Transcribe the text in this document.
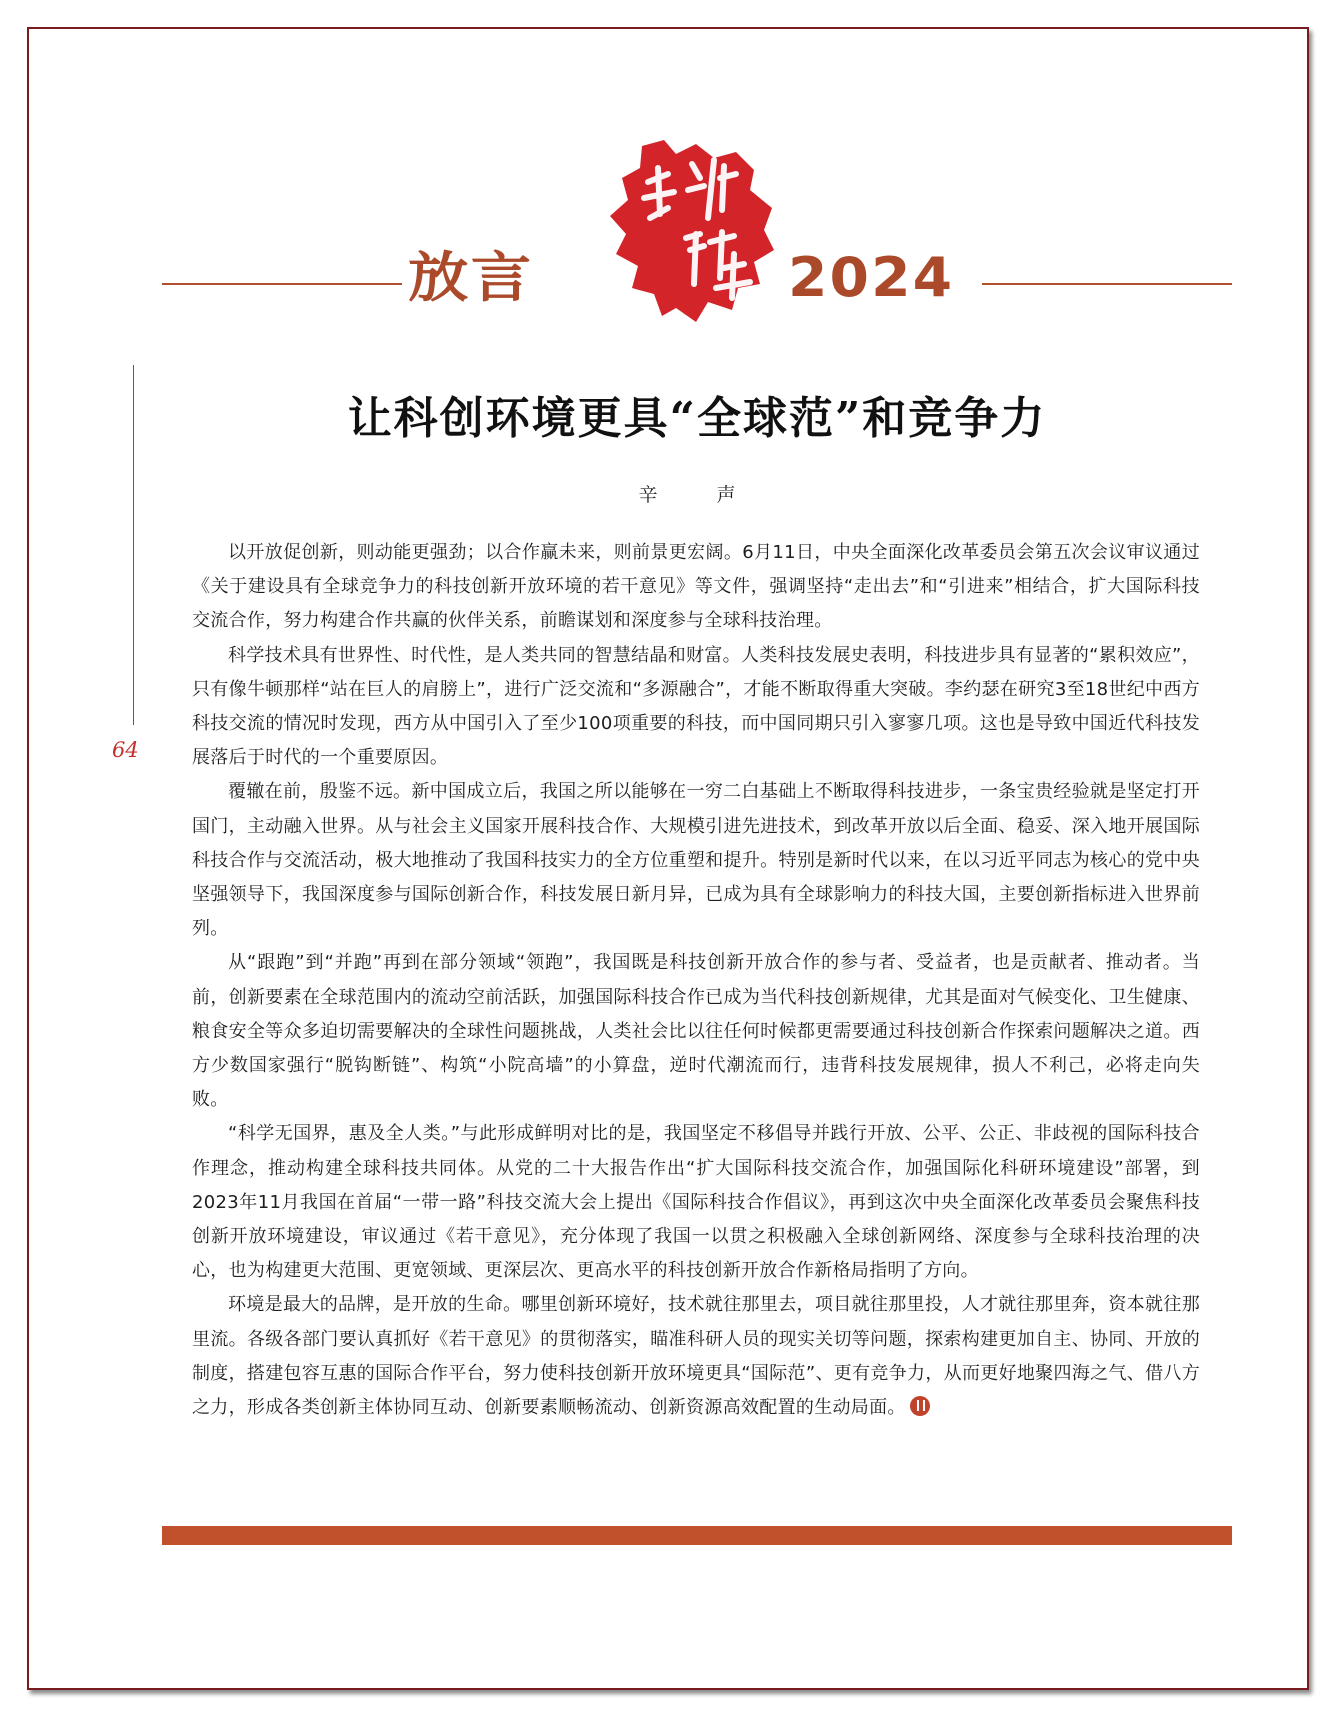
放言	2024
64
让科创环境更具“全球范”和竞争力
辛　声

以开放促创新，则动能更强劲；以合作赢未来，则前景更宏阔。6月11日，中央全面深化改革委员会第五次会议审议通过《关于建设具有全球竞争力的科技创新开放环境的若干意见》等文件，强调坚持“走出去”和“引进来”相结合，扩大国际科技交流合作，努力构建合作共赢的伙伴关系，前瞻谋划和深度参与全球科技治理。

科学技术具有世界性、时代性，是人类共同的智慧结晶和财富。人类科技发展史表明，科技进步具有显著的“累积效应”，只有像牛顿那样“站在巨人的肩膀上”，进行广泛交流和“多源融合”，才能不断取得重大突破。李约瑟在研究3至18世纪中西方科技交流的情况时发现，西方从中国引入了至少100项重要的科技，而中国同期只引入寥寥几项。这也是导致中国近代科技发展落后于时代的一个重要原因。

覆辙在前，殷鉴不远。新中国成立后，我国之所以能够在一穷二白基础上不断取得科技进步，一条宝贵经验就是坚定打开国门，主动融入世界。从与社会主义国家开展科技合作、大规模引进先进技术，到改革开放以后全面、稳妥、深入地开展国际科技合作与交流活动，极大地推动了我国科技实力的全方位重塑和提升。特别是新时代以来，在以习近平同志为核心的党中央坚强领导下，我国深度参与国际创新合作，科技发展日新月异，已成为具有全球影响力的科技大国，主要创新指标进入世界前列。

从“跟跑”到“并跑”再到在部分领域“领跑”，我国既是科技创新开放合作的参与者、受益者，也是贡献者、推动者。当前，创新要素在全球范围内的流动空前活跃，加强国际科技合作已成为当代科技创新规律，尤其是面对气候变化、卫生健康、粮食安全等众多迫切需要解决的全球性问题挑战，人类社会比以往任何时候都更需要通过科技创新合作探索问题解决之道。西方少数国家强行“脱钩断链”、构筑“小院高墙”的小算盘，逆时代潮流而行，违背科技发展规律，损人不利己，必将走向失败。

“科学无国界，惠及全人类。”与此形成鲜明对比的是，我国坚定不移倡导并践行开放、公平、公正、非歧视的国际科技合作理念，推动构建全球科技共同体。从党的二十大报告作出“扩大国际科技交流合作，加强国际化科研环境建设”部署，到2023年11月我国在首届“一带一路”科技交流大会上提出《国际科技合作倡议》，再到这次中央全面深化改革委员会聚焦科技创新开放环境建设，审议通过《若干意见》，充分体现了我国一以贯之积极融入全球创新网络、深度参与全球科技治理的决心，也为构建更大范围、更宽领域、更深层次、更高水平的科技创新开放合作新格局指明了方向。

环境是最大的品牌，是开放的生命。哪里创新环境好，技术就往那里去，项目就往那里投，人才就往那里奔，资本就往那里流。各级各部门要认真抓好《若干意见》的贯彻落实，瞄准科研人员的现实关切等问题，探索构建更加自主、协同、开放的制度，搭建包容互惠的国际合作平台，努力使科技创新开放环境更具“国际范”、更有竞争力，从而更好地聚四海之气、借八方之力，形成各类创新主体协同互动、创新要素顺畅流动、创新资源高效配置的生动局面。
